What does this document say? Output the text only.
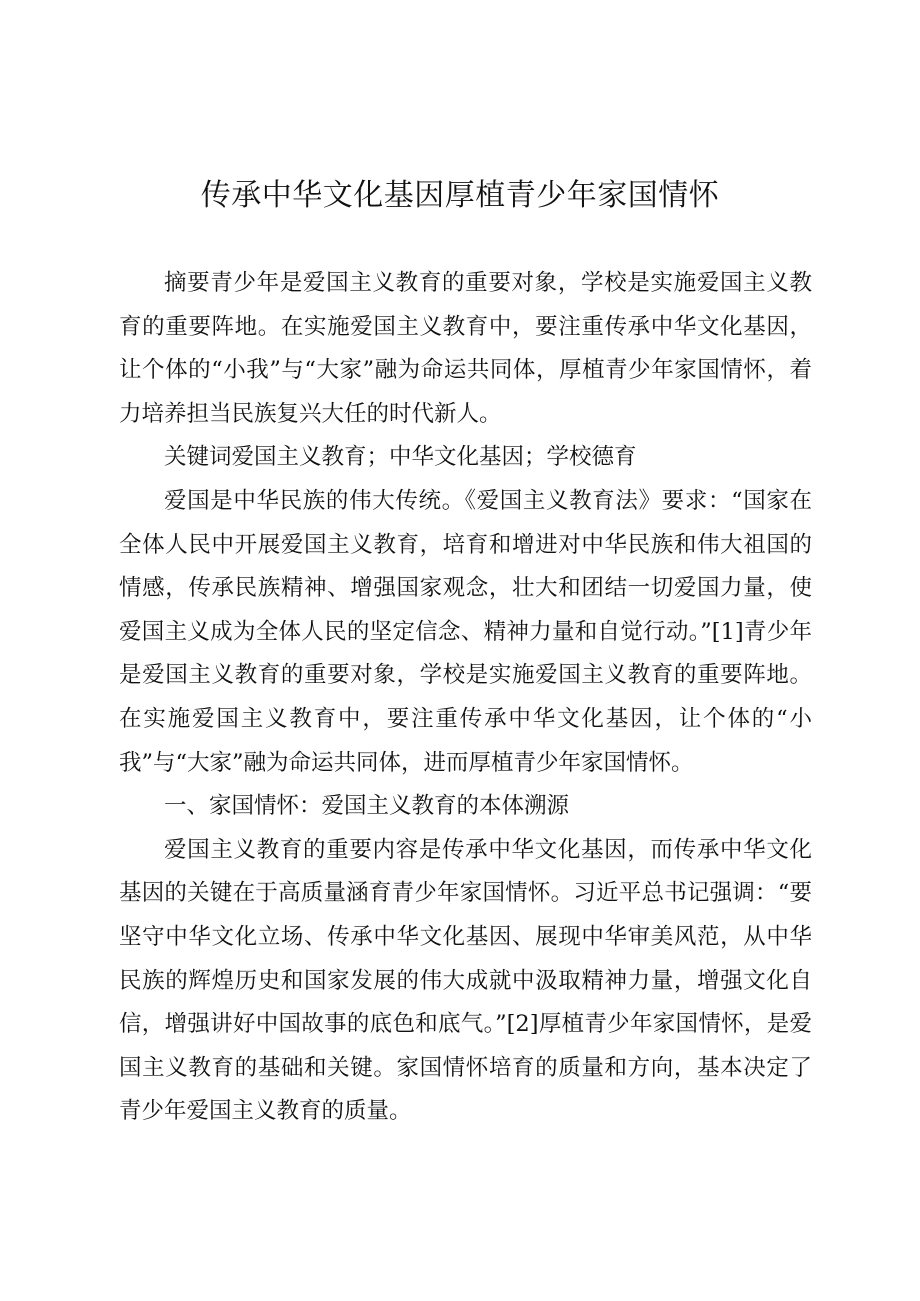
传承中华文化基因厚植青少年家国情怀

摘要青少年是爱国主义教育的重要对象，学校是实施爱国主义教育的重要阵地。在实施爱国主义教育中，要注重传承中华文化基因，让个体的“小我”与“大家”融为命运共同体，厚植青少年家国情怀，着力培养担当民族复兴大任的时代新人。

关键词爱国主义教育；中华文化基因；学校德育

爱国是中华民族的伟大传统。《爱国主义教育法》要求：“国家在全体人民中开展爱国主义教育，培育和增进对中华民族和伟大祖国的情感，传承民族精神、增强国家观念，壮大和团结一切爱国力量，使爱国主义成为全体人民的坚定信念、精神力量和自觉行动。”[1]青少年是爱国主义教育的重要对象，学校是实施爱国主义教育的重要阵地。在实施爱国主义教育中，要注重传承中华文化基因，让个体的“小我”与“大家”融为命运共同体，进而厚植青少年家国情怀。

一、家国情怀：爱国主义教育的本体溯源

爱国主义教育的重要内容是传承中华文化基因，而传承中华文化基因的关键在于高质量涵育青少年家国情怀。习近平总书记强调：“要坚守中华文化立场、传承中华文化基因、展现中华审美风范，从中华民族的辉煌历史和国家发展的伟大成就中汲取精神力量，增强文化自信，增强讲好中国故事的底色和底气。”[2]厚植青少年家国情怀，是爱国主义教育的基础和关键。家国情怀培育的质量和方向，基本决定了青少年爱国主义教育的质量。
